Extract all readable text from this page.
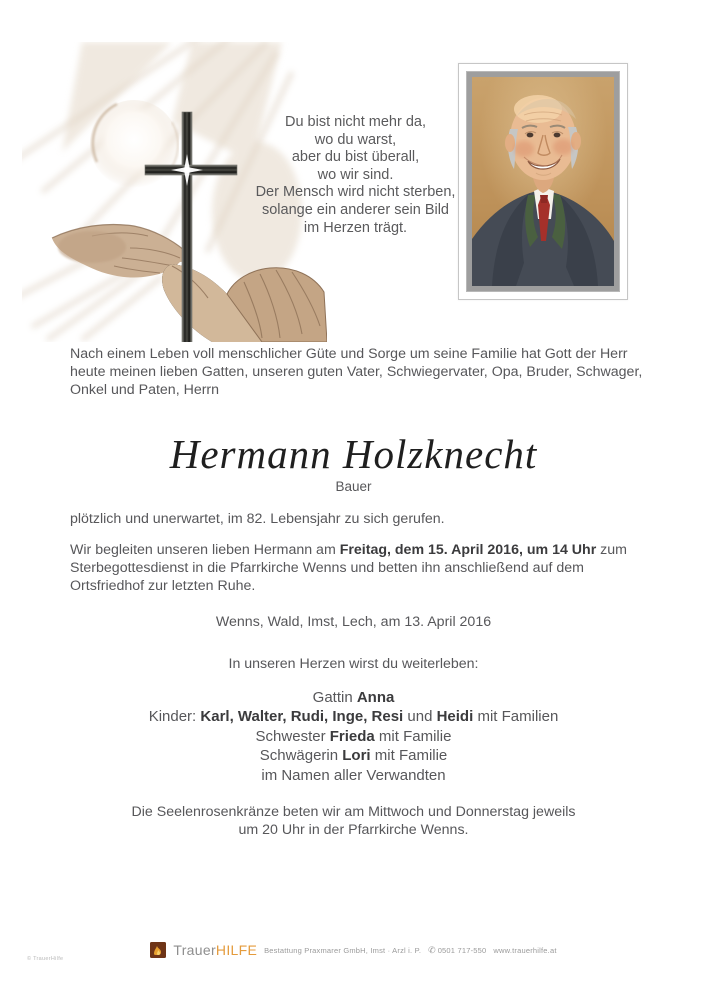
Du bist nicht mehr da,
wo du warst,
aber du bist überall,
wo wir sind.
Der Mensch wird nicht sterben,
solange ein anderer sein Bild
im Herzen trägt.

Nach einem Leben voll menschlicher Güte und Sorge um seine Familie hat Gott der Herr heute meinen lieben Gatten, unseren guten Vater, Schwiegervater, Opa, Bruder, Schwager, Onkel und Paten, Herrn

Hermann Holzknecht
Bauer
plötzlich und unerwartet, im 82. Lebensjahr zu sich gerufen.

Wir begleiten unseren lieben Hermann am Freitag, dem 15. April 2016, um 14 Uhr zum Sterbegottesdienst in die Pfarrkirche Wenns und betten ihn anschließend auf dem Ortsfriedhof zur letzten Ruhe.

Wenns, Wald, Imst, Lech, am 13. April 2016
In unseren Herzen wirst du weiterleben:
Gattin Anna
Kinder: Karl, Walter, Rudi, Inge, Resi und Heidi mit Familien
Schwester Frieda mit Familie
Schwägerin Lori mit Familie
im Namen aller Verwandten
Die Seelenrosenkränze beten wir am Mittwoch und Donnerstag jeweils
um 20 Uhr in der Pfarrkirche Wenns.
TrauerHILFE Bestattung Praxmarer GmbH, Imst · Arzl i. P. ✆ 0501 717-550 www.trauerhilfe.at
© TrauerHilfe
